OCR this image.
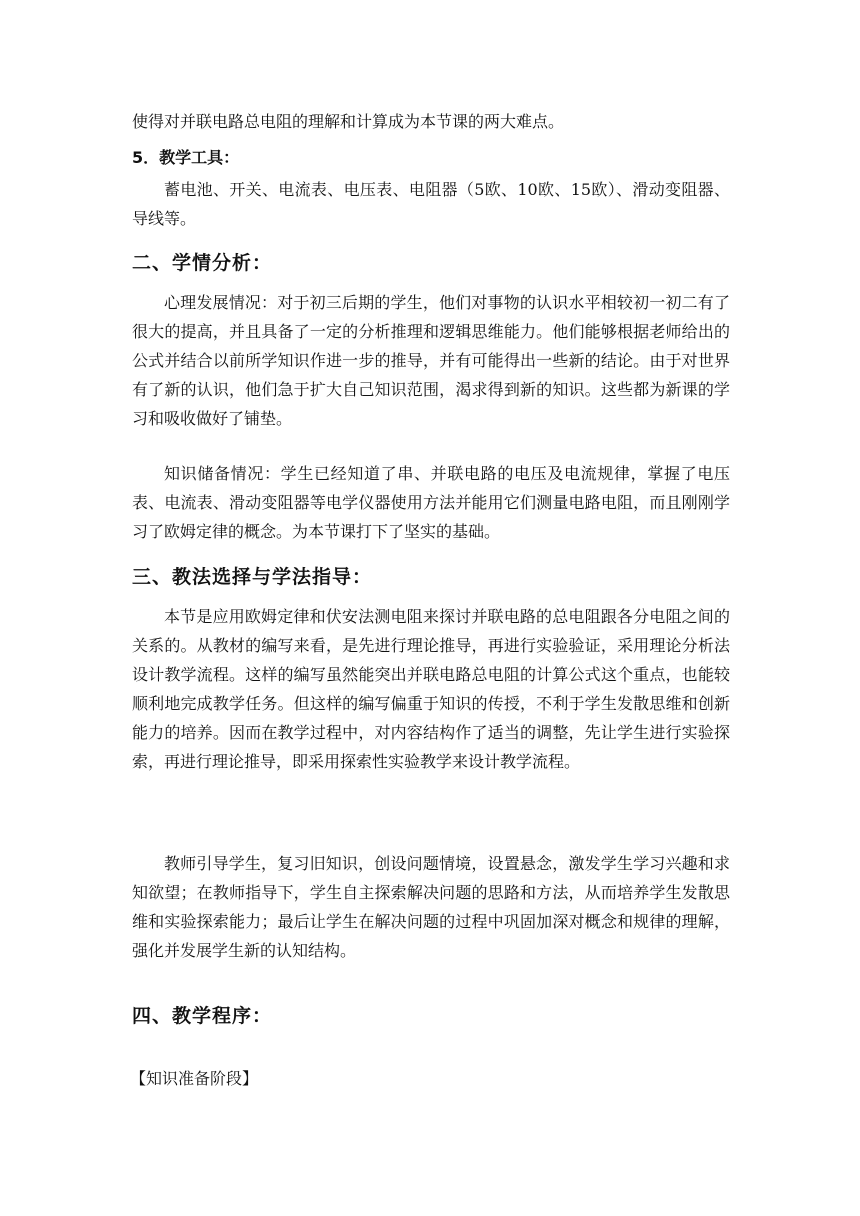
使得对并联电路总电阻的理解和计算成为本节课的两大难点。

5．教学工具：

蓄电池、开关、电流表、电压表、电阻器（5欧、10欧、15欧）、滑动变阻器、导线等。

二、学情分析：

心理发展情况：对于初三后期的学生，他们对事物的认识水平相较初一初二有了很大的提高，并且具备了一定的分析推理和逻辑思维能力。他们能够根据老师给出的公式并结合以前所学知识作进一步的推导，并有可能得出一些新的结论。由于对世界有了新的认识，他们急于扩大自己知识范围，渴求得到新的知识。这些都为新课的学习和吸收做好了铺垫。

知识储备情况：学生已经知道了串、并联电路的电压及电流规律，掌握了电压表、电流表、滑动变阻器等电学仪器使用方法并能用它们测量电路电阻，而且刚刚学习了欧姆定律的概念。为本节课打下了坚实的基础。

三、教法选择与学法指导：

本节是应用欧姆定律和伏安法测电阻来探讨并联电路的总电阻跟各分电阻之间的关系的。从教材的编写来看，是先进行理论推导，再进行实验验证，采用理论分析法设计教学流程。这样的编写虽然能突出并联电路总电阻的计算公式这个重点，也能较顺利地完成教学任务。但这样的编写偏重于知识的传授，不利于学生发散思维和创新能力的培养。因而在教学过程中，对内容结构作了适当的调整，先让学生进行实验探索，再进行理论推导，即采用探索性实验教学来设计教学流程。

教师引导学生，复习旧知识，创设问题情境，设置悬念，激发学生学习兴趣和求知欲望；在教师指导下，学生自主探索解决问题的思路和方法，从而培养学生发散思维和实验探索能力；最后让学生在解决问题的过程中巩固加深对概念和规律的理解，强化并发展学生新的认知结构。

四、教学程序：

【知识准备阶段】
